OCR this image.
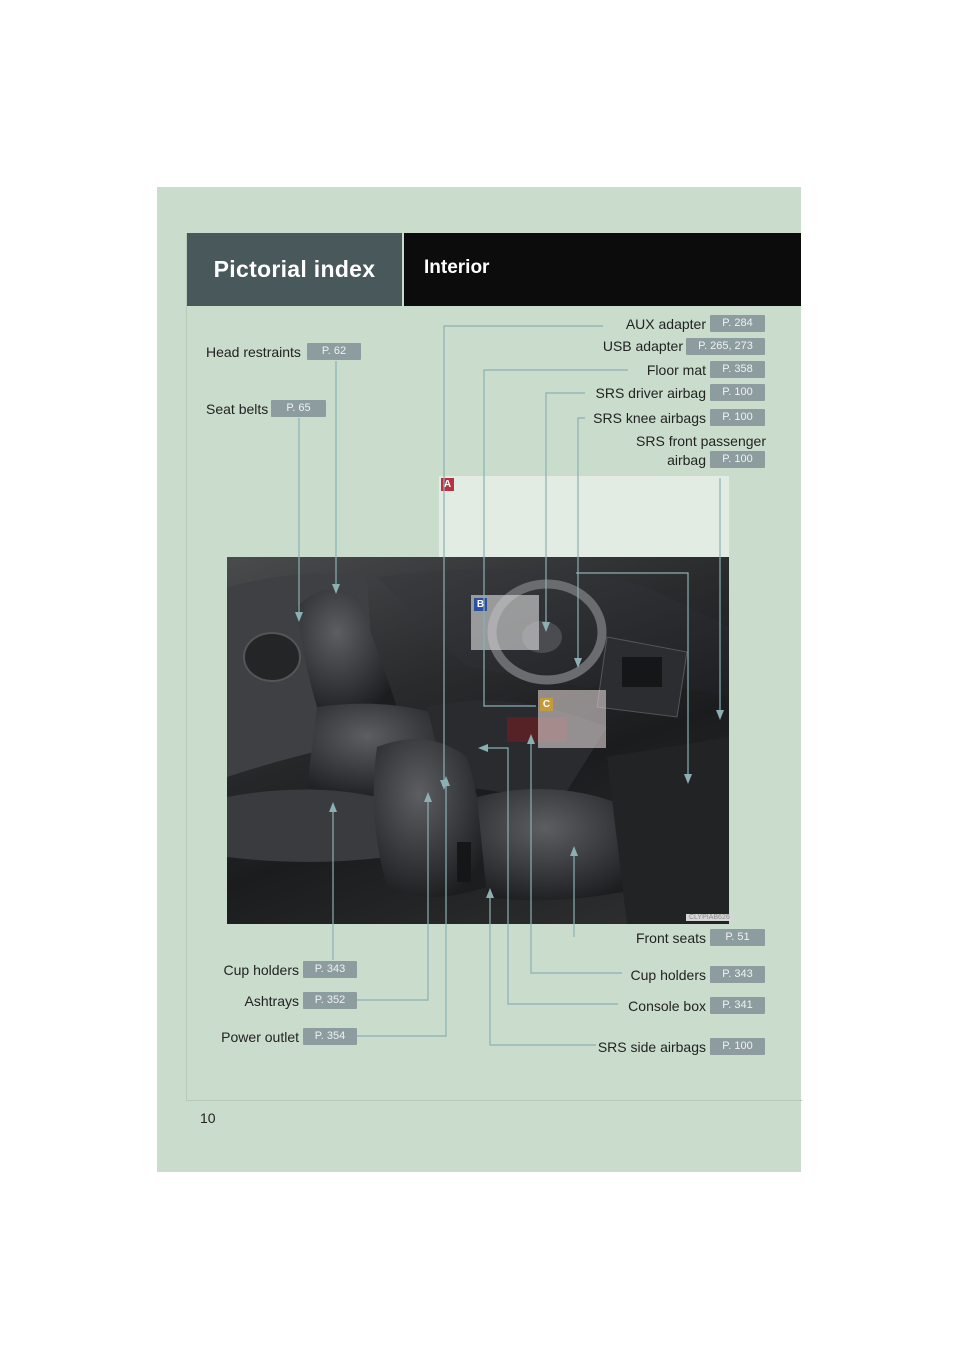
Pictorial index	Interior
A
B
C
CLYPIAB626
AUX adapter	P. 284
USB adapter	P. 265, 273
Floor mat	P. 358
SRS driver airbag	P. 100
SRS knee airbags	P. 100
SRS front passenger
airbag	P. 100
Head restraints	P. 62
Seat belts	P. 65
Front seats	P. 51
Cup holders	P. 343
Console box	P. 341
SRS side airbags	P. 100
Cup holders	P. 343
Ashtrays	P. 352
Power outlet	P. 354
10
